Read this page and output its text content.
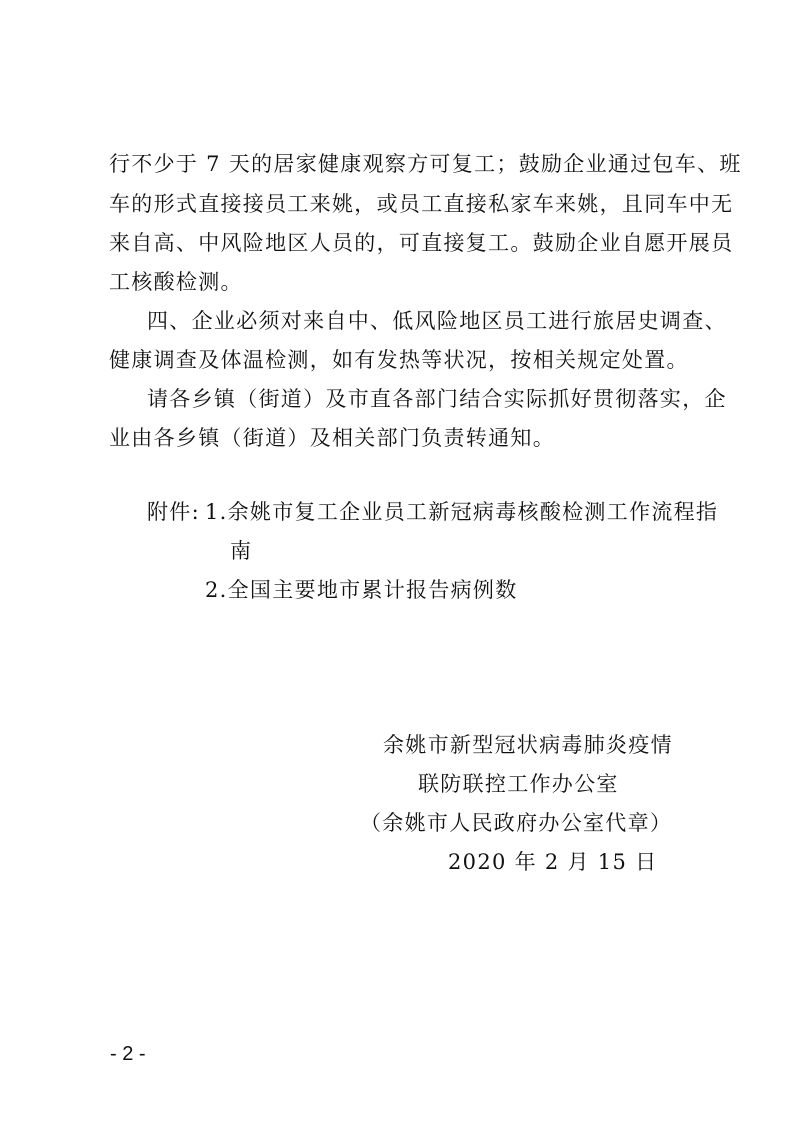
行不少于 7 天的居家健康观察方可复工；鼓励企业通过包车、班
车的形式直接接员工来姚，或员工直接私家车来姚，且同车中无
来自高、中风险地区人员的，可直接复工。鼓励企业自愿开展员
工核酸检测。
四、企业必须对来自中、低风险地区员工进行旅居史调查、
健康调查及体温检测，如有发热等状况，按相关规定处置。
请各乡镇（街道）及市直各部门结合实际抓好贯彻落实，企
业由各乡镇（街道）及相关部门负责转通知。
附件: 1.余姚市复工企业员工新冠病毒核酸检测工作流程指
南
2.全国主要地市累计报告病例数
余姚市新型冠状病毒肺炎疫情
联防联控工作办公室
（余姚市人民政府办公室代章）
2020 年 2 月 15 日
- 2 -
